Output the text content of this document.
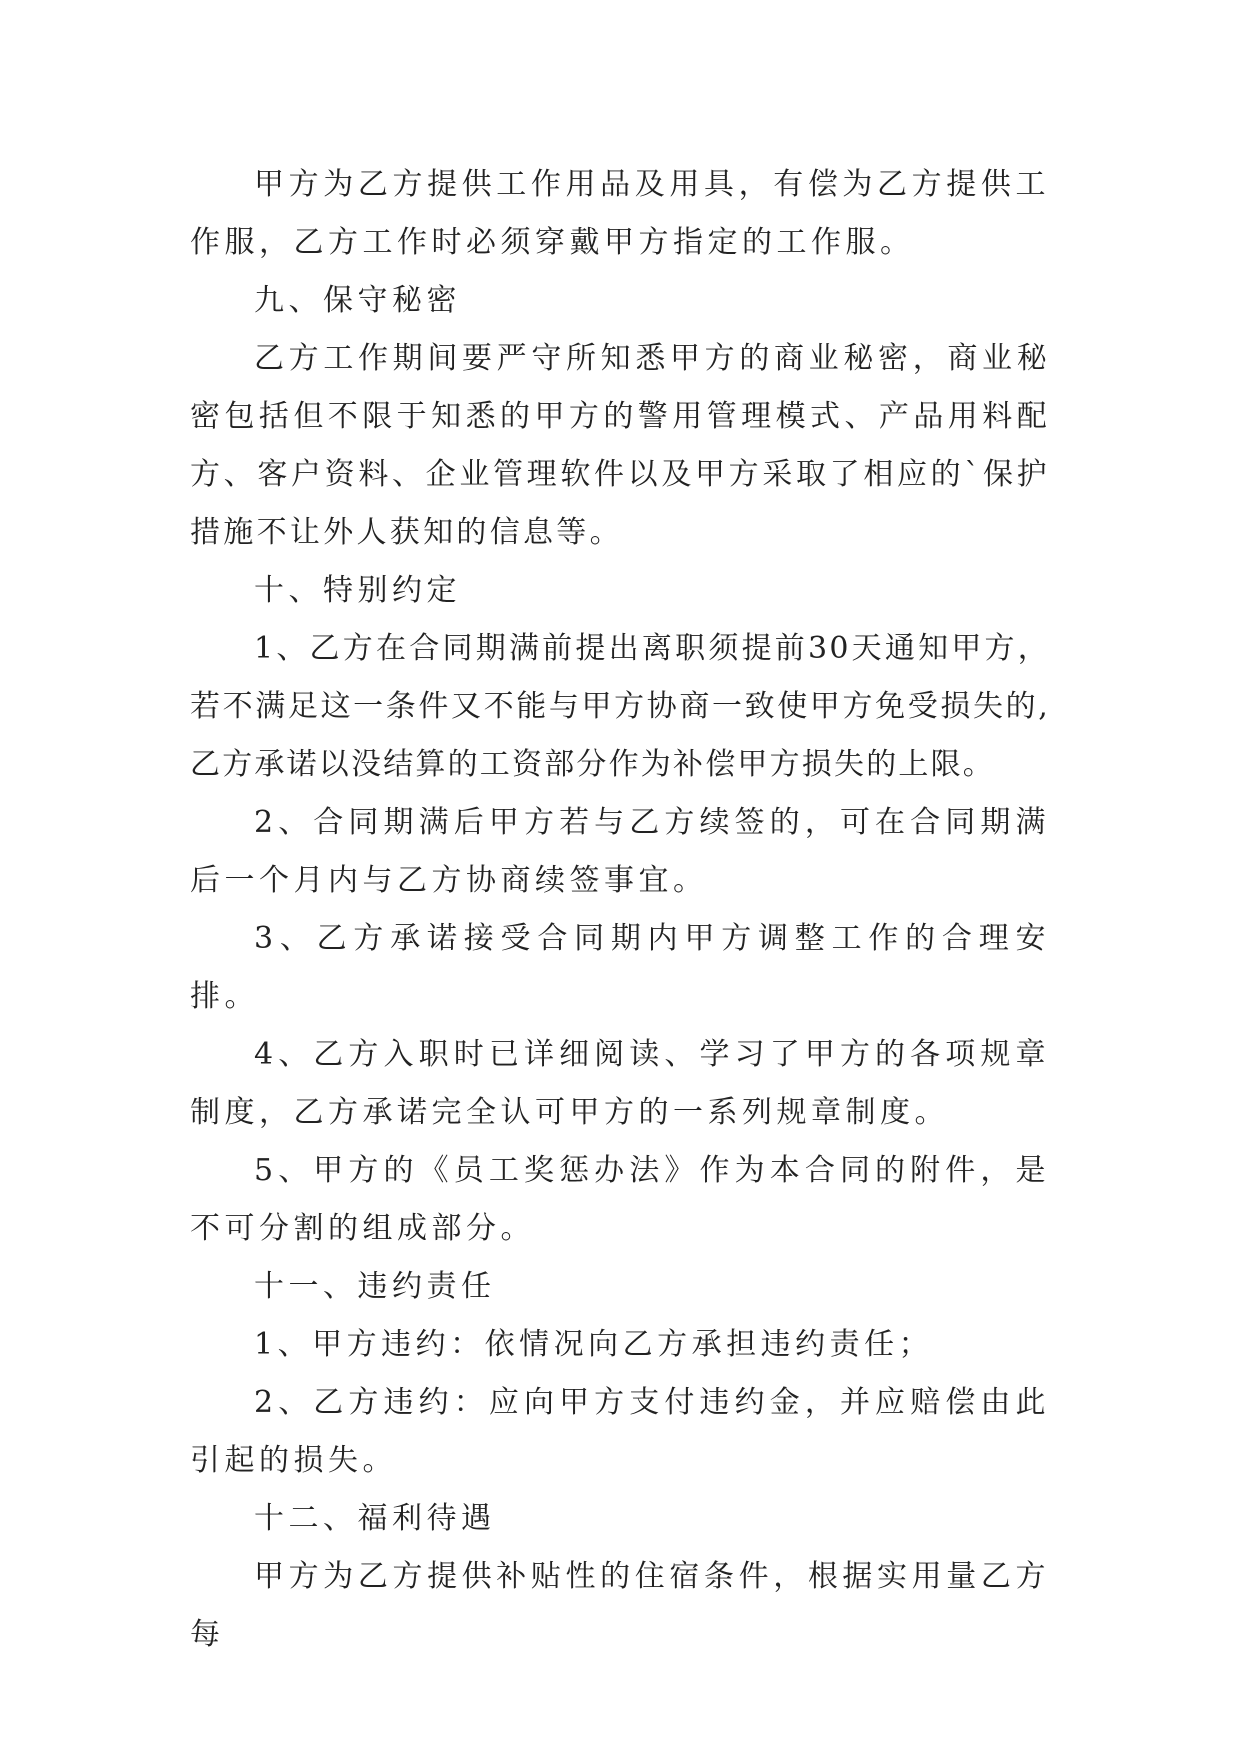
甲方为乙方提供工作用品及用具，有偿为乙方提供工作服，乙方工作时必须穿戴甲方指定的工作服。

九、保守秘密

乙方工作期间要严守所知悉甲方的商业秘密，商业秘密包括但不限于知悉的甲方的警用管理模式、产品用料配方、客户资料、企业管理软件以及甲方采取了相应的`保护措施不让外人获知的信息等。

十、特别约定

1、乙方在合同期满前提出离职须提前30天通知甲方，若不满足这一条件又不能与甲方协商一致使甲方免受损失的,乙方承诺以没结算的工资部分作为补偿甲方损失的上限。

2、合同期满后甲方若与乙方续签的，可在合同期满后一个月内与乙方协商续签事宜。

3、乙方承诺接受合同期内甲方调整工作的合理安排。

4、乙方入职时已详细阅读、学习了甲方的各项规章制度，乙方承诺完全认可甲方的一系列规章制度。

5、甲方的《员工奖惩办法》作为本合同的附件，是不可分割的组成部分。

十一、违约责任

1、甲方违约：依情况向乙方承担违约责任；

2、乙方违约：应向甲方支付违约金，并应赔偿由此引起的损失。

十二、福利待遇

甲方为乙方提供补贴性的住宿条件，根据实用量乙方每
